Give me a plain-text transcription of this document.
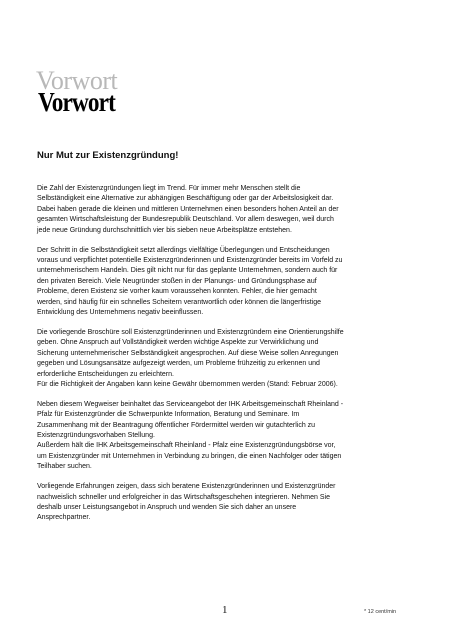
Vorwort
Vorwort
Nur Mut zur Existenzgründung!
Die Zahl der Existenzgründungen liegt im Trend. Für immer mehr Menschen stellt die
Selbständigkeit eine Alternative zur abhängigen Beschäftigung oder gar der Arbeitslosigkeit dar.
Dabei haben gerade die kleinen und mittleren Unternehmen einen besonders hohen Anteil an der
gesamten Wirtschaftsleistung der Bundesrepublik Deutschland. Vor allem deswegen, weil durch
jede neue Gründung durchschnittlich vier bis sieben neue Arbeitsplätze entstehen.
Der Schritt in die Selbständigkeit setzt allerdings vielfältige Überlegungen und Entscheidungen
voraus und verpflichtet potentielle Existenzgründerinnen und Existenzgründer bereits im Vorfeld zu
unternehmerischem Handeln. Dies gilt nicht nur für das geplante Unternehmen, sondern auch für
den privaten Bereich. Viele Neugründer stoßen in der Planungs- und Gründungsphase auf
Probleme, deren Existenz sie vorher kaum voraussehen konnten. Fehler, die hier gemacht
werden, sind häufig für ein schnelles Scheitern verantwortlich oder können die längerfristige
Entwicklung des Unternehmens negativ beeinflussen.
Die vorliegende Broschüre soll Existenzgründerinnen und Existenzgründern eine Orientierungshilfe
geben. Ohne Anspruch auf Vollständigkeit werden wichtige Aspekte zur Verwirklichung und
Sicherung unternehmerischer Selbständigkeit angesprochen. Auf diese Weise sollen Anregungen
gegeben und Lösungsansätze aufgezeigt werden, um Probleme frühzeitig zu erkennen und
erforderliche Entscheidungen zu erleichtern.
Für die Richtigkeit der Angaben kann keine Gewähr übernommen werden (Stand: Februar 2006).
Neben diesem Wegweiser beinhaltet das Serviceangebot der IHK Arbeitsgemeinschaft Rheinland -
Pfalz für Existenzgründer die Schwerpunkte Information, Beratung und Seminare. Im
Zusammenhang mit der Beantragung öffentlicher Fördermittel werden wir gutachterlich zu
Existenzgründungsvorhaben Stellung.
Außerdem hält die IHK Arbeitsgemeinschaft Rheinland - Pfalz eine Existenzgründungsbörse vor,
um Existenzgründer mit Unternehmen in Verbindung zu bringen, die einen Nachfolger oder tätigen
Teilhaber suchen.
Vorliegende Erfahrungen zeigen, dass sich beratene Existenzgründerinnen und Existenzgründer
nachweislich schneller und erfolgreicher in das Wirtschaftsgeschehen integrieren. Nehmen Sie
deshalb unser Leistungsangebot in Anspruch und wenden Sie sich daher an unsere
Ansprechpartner.
1	* 12 cent/min
